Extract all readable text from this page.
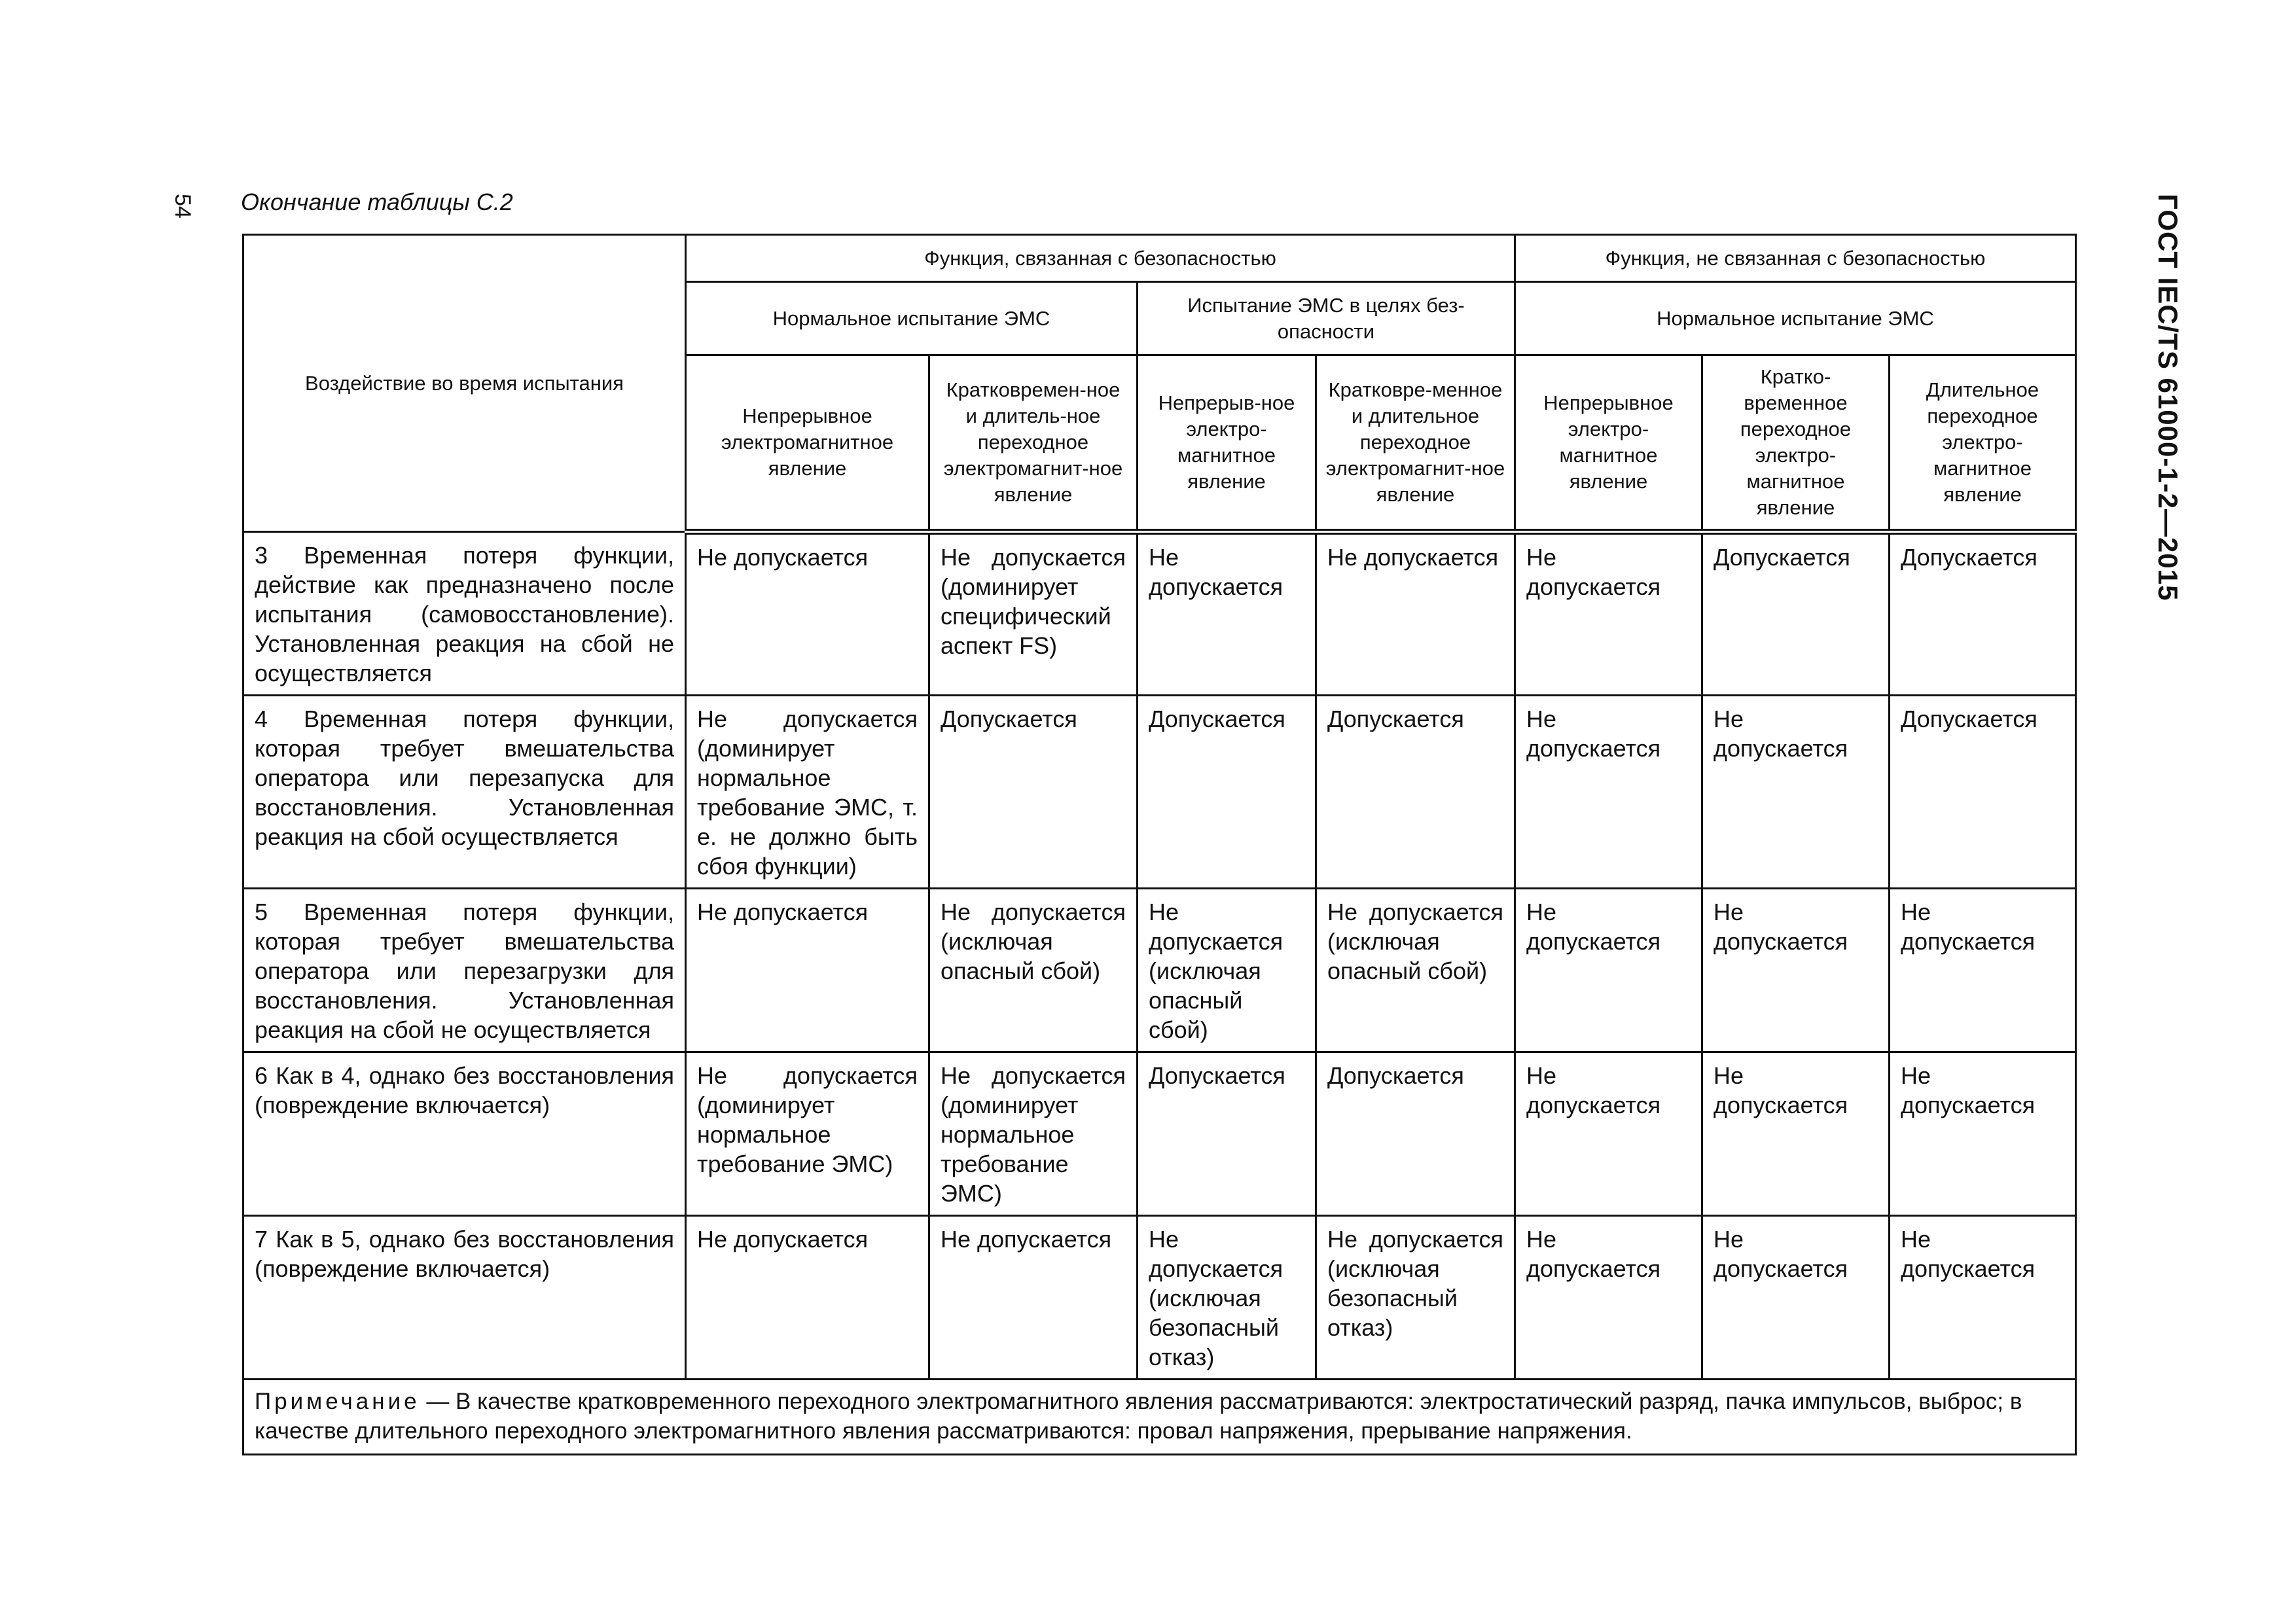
54 Окончание таблицы С.2	ГОСТ IEC/TS 61000-1-2—2015
Воздействие во время испытания	Функция, связанная с безопасностью				Функция, не связанная с безопасностью		

	Нормальное испытание ЭМС		Испытание ЭМС в целях без-опасности		Нормальное испытание ЭМС		

	Непрерывное электромагнитное явление	Кратковремен-ное и длитель-ное переходное электромагнит-ное явление	Непрерыв-ное электро-магнитное явление	Кратковре-менное и длительное переходное электромагнит-ное явление	Непрерывное электро-магнитное явление	Кратко-временное переходное электро-магнитное явление	Длительное переходное электро-магнитное явление

3 Временная потеря функции, действие как предназначено после испытания (самовосстановление). Установленная реакция на сбой не осуществляется	Не допускается	Не допускается (доминирует специфический аспект FS)	Не допускается	Не допускается	Не допускается	Допускается	Допускается

4 Временная потеря функции, которая требует вмешательства оператора или перезапуска для восстановления. Установленная реакция на сбой осуществляется	Не допускается (доминирует нормальное требование ЭМС, т. е. не должно быть сбоя функции)	Допускается	Допускается	Допускается	Не допускается	Не допускается	Допускается

5 Временная потеря функции, которая требует вмешательства оператора или перезагрузки для восстановления. Установленная реакция на сбой не осуществляется	Не допускается	Не допускается (исключая опасный сбой)	Не допускается (исключая опасный сбой)	Не допускается (исключая опасный сбой)	Не допускается	Не допускается	Не допускается

6 Как в 4, однако без восстановления (повреждение включается)	Не допускается (доминирует нормальное требование ЭМС)	Не допускается (доминирует нормальное требование ЭМС)	Допускается	Допускается	Не допускается	Не допускается	Не допускается

7 Как в 5, однако без восстановления (повреждение включается)	Не допускается	Не допускается	Не допускается (исключая безопасный отказ)	Не допускается (исключая безопасный отказ)	Не допускается	Не допускается	Не допускается

Примечание — В качестве кратковременного переходного электромагнитного явления рассматриваются: электростатический разряд, пачка импульсов, выброс; в качестве длительного переходного электромагнитного явления рассматриваются: провал напряжения, прерывание напряжения.							
